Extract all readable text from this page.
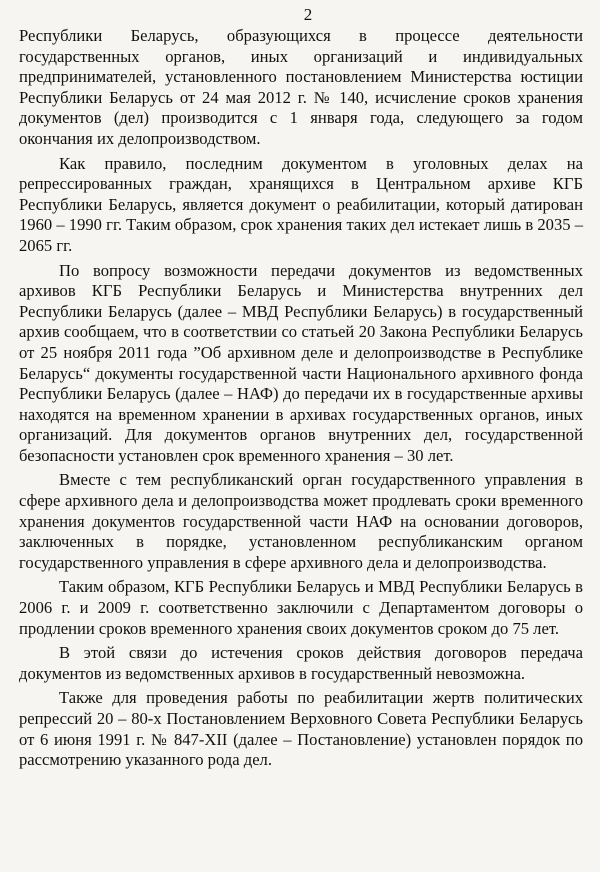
2

Республики Беларусь, образующихся в процессе деятельности государственных органов, иных организаций и индивидуальных предпринимателей, установленного постановлением Министерства юстиции Республики Беларусь от 24 мая 2012 г. № 140, исчисление сроков хранения документов (дел) производится с 1 января года, следующего за годом окончания их делопроизводством.

Как правило, последним документом в уголовных делах на репрессированных граждан, хранящихся в Центральном архиве КГБ Республики Беларусь, является документ о реабилитации, который датирован 1960 – 1990 гг. Таким образом, срок хранения таких дел истекает лишь в 2035 – 2065 гг.

По вопросу возможности передачи документов из ведомственных архивов КГБ Республики Беларусь и Министерства внутренних дел Республики Беларусь (далее – МВД Республики Беларусь) в государственный архив сообщаем, что в соответствии со статьей 20 Закона Республики Беларусь от 25 ноября 2011 года ”Об архивном деле и делопроизводстве в Республике Беларусь“ документы государственной части Национального архивного фонда Республики Беларусь (далее – НАФ) до передачи их в государственные архивы находятся на временном хранении в архивах государственных органов, иных организаций. Для документов органов внутренних дел, государственной безопасности установлен срок временного хранения – 30 лет.

Вместе с тем республиканский орган государственного управления в сфере архивного дела и делопроизводства может продлевать сроки временного хранения документов государственной части НАФ на основании договоров, заключенных в порядке, установленном республиканским органом государственного управления в сфере архивного дела и делопроизводства.

Таким образом, КГБ Республики Беларусь и МВД Республики Беларусь в 2006 г. и 2009 г. соответственно заключили с Департаментом договоры о продлении сроков временного хранения своих документов сроком до 75 лет.

В этой связи до истечения сроков действия договоров передача документов из ведомственных архивов в государственный невозможна.

Также для проведения работы по реабилитации жертв политических репрессий 20 – 80-х Постановлением Верховного Совета Республики Беларусь от 6 июня 1991 г. № 847-XII (далее – Постановление) установлен порядок по рассмотрению указанного рода дел.
